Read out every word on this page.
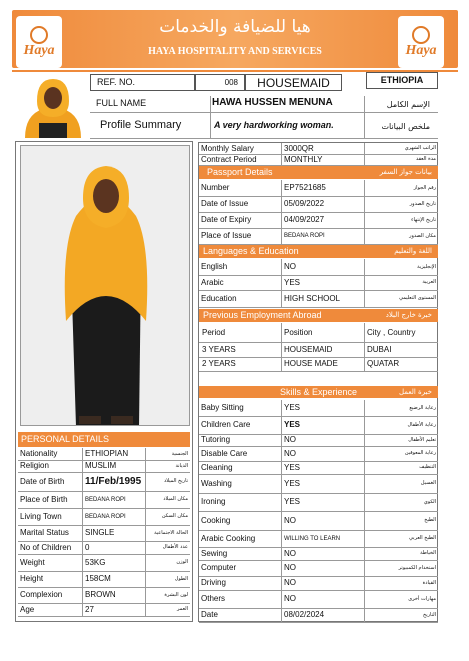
Haya
هيا للضيافة والخدمات
HAYA HOSPITALITY AND SERVICES	Haya
REF. NO.	008	HOUSEMAID	ETHIOPIA
FULL NAME	HAWA HUSSEN MENUNA	الإسم الكامل
Profile Summary	A very hardworking woman.	ملخص البيانات
PERSONAL DETAILS
Passport Details	بيانات جواز السفر
Languages & Education	اللغة والتعليم
Previous Employment Abroad	خبرة خارج البلاد
Skills & Experience	خبرة العمل
Nationality	ETHIOPIAN	الجنسية
Religion	MUSLIM	الديانة
Date of Birth	11/Feb/1995	تاريخ الميلاد
Place of Birth	BEDANA ROPI	مكان الميلاد
Living Town	BEDANA ROPI	مكان السكن
Marital Status	SINGLE	الحالة الاجتماعية
No of Children	0	عدد الأطفال
Weight	53KG	الوزن
Height	158CM	الطول
Complexion	BROWN	لون البشرة
Age	27	العمر
Monthly Salary	3000QR	الراتب الشهري
Contract Period	MONTHLY	مدة العقد
Number	EP7521685	رقم الجواز
Date of Issue	05/09/2022	تاريخ الصدور
Date of Expiry	04/09/2027	تاريخ الإنتهاء
Place of Issue	BEDANA ROPI	مكان الصدور
English	NO	الإنجليزية
Arabic	YES	العربية
Education	HIGH SCHOOL	المستوى التعليمي
Period	Position	City , Country
3 YEARS	HOUSEMAID	DUBAI
2 YEARS	HOUSE MADE	QUATAR
Baby Sitting	YES	رعاية الرضيع
Children Care	YES	رعاية الأطفال
Tutoring	NO	تعليم الأطفال
Disable Care	NO	رعاية المعوقين
Cleaning	YES	التنظيف
Washing	YES	الغسيل
Ironing	YES	الكوي
Cooking	NO	الطبخ
Arabic Cooking	WILLING TO LEARN	الطبخ العربي
Sewing	NO	الخياطة
Computer	NO	استخدام الكمبيوتر
Driving	NO	القيادة
Others	NO	مهارات أخرى
Date	08/02/2024	التاريخ
